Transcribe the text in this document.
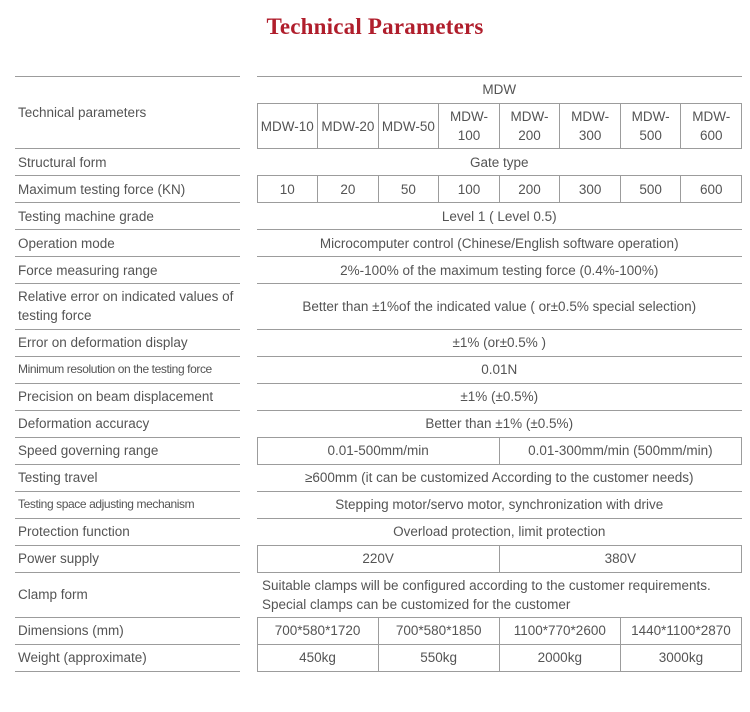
Technical Parameters
Technical parameters		MDW							
		MDW-10	MDW-20	MDW-50	MDW-100	MDW-200	MDW-300	MDW-500	MDW-600
Structural form		Gate type							
Maximum testing force (KN)		10	20	50	100	200	300	500	600
Testing machine grade		Level 1 ( Level 0.5)							
Operation mode		Microcomputer control (Chinese/English software operation)							
Force measuring range		2%-100% of the maximum testing force (0.4%-100%)							
Relative error on indicated values of testing force		Better than ±1%of the indicated value ( or±0.5% special selection)							
Error on deformation display		±1% (or±0.5% )							
Minimum resolution on the testing force		0.01N							
Precision on beam displacement		±1% (±0.5%)							
Deformation accuracy		Better than ±1% (±0.5%)							
Speed governing range		0.01-500mm/min				0.01-300mm/min (500mm/min)			
Testing travel		≥600mm (it can be customized According to the customer needs)							
Testing space adjusting mechanism		Stepping motor/servo motor, synchronization with drive							
Protection function		Overload protection, limit protection							
Power supply		220V				380V			
Clamp form		Suitable clamps will be configured according to the customer requirements. Special clamps can be customized for the customer							
Dimensions (mm)		700*580*1720		700*580*1850		1100*770*2600		1440*1100*2870	
Weight (approximate)		450kg		550kg		2000kg		3000kg	
